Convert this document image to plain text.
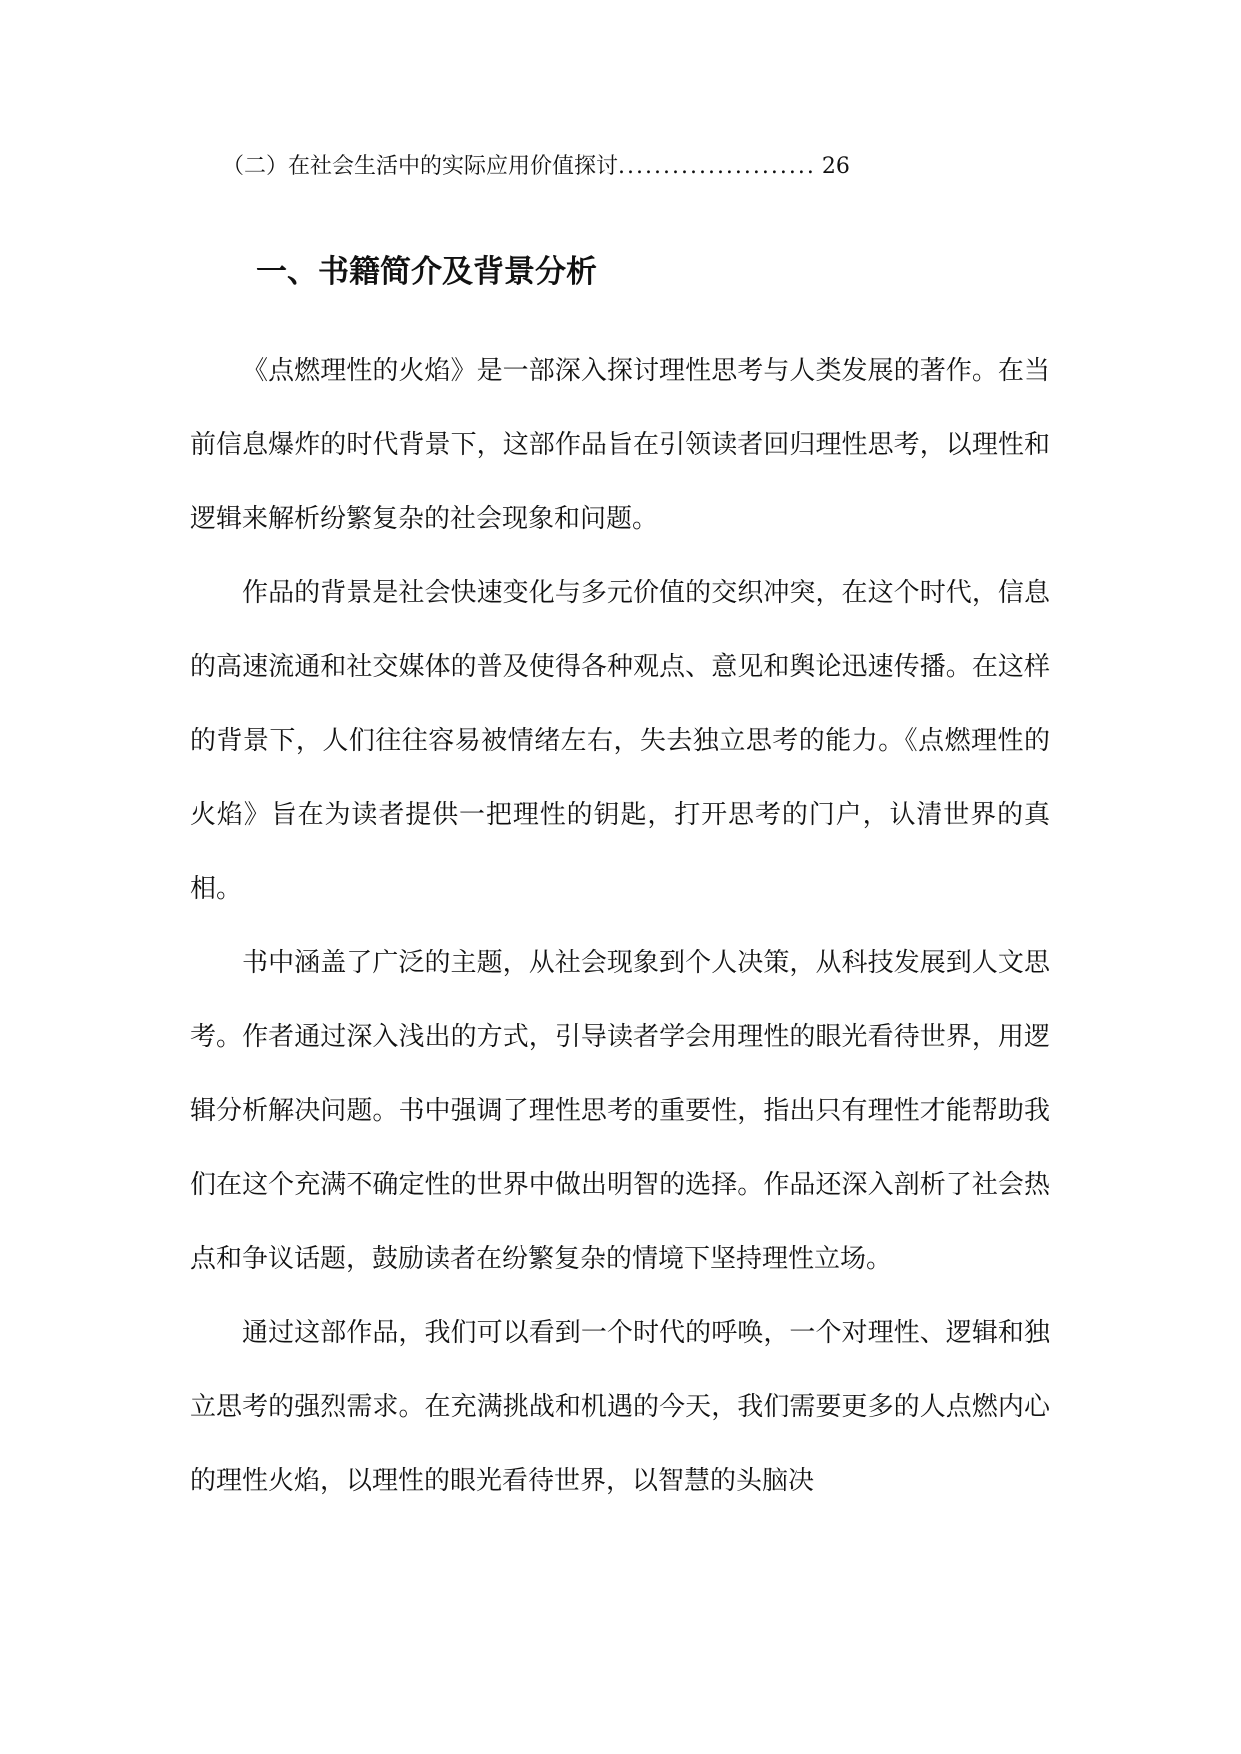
（二）在社会生活中的实际应用价值探讨...................... 26
一、书籍简介及背景分析

《点燃理性的火焰》是一部深入探讨理性思考与人类发展的著作。在当前信息爆炸的时代背景下，这部作品旨在引领读者回归理性思考，以理性和逻辑来解析纷繁复杂的社会现象和问题。

作品的背景是社会快速变化与多元价值的交织冲突，在这个时代，信息的高速流通和社交媒体的普及使得各种观点、意见和舆论迅速传播。在这样的背景下，人们往往容易被情绪左右，失去独立思考的能力。《点燃理性的火焰》旨在为读者提供一把理性的钥匙，打开思考的门户，认清世界的真相。

书中涵盖了广泛的主题，从社会现象到个人决策，从科技发展到人文思考。作者通过深入浅出的方式，引导读者学会用理性的眼光看待世界，用逻辑分析解决问题。书中强调了理性思考的重要性，指出只有理性才能帮助我们在这个充满不确定性的世界中做出明智的选择。作品还深入剖析了社会热点和争议话题，鼓励读者在纷繁复杂的情境下坚持理性立场。

通过这部作品，我们可以看到一个时代的呼唤，一个对理性、逻辑和独立思考的强烈需求。在充满挑战和机遇的今天，我们需要更多的人点燃内心的理性火焰，以理性的眼光看待世界，以智慧的头脑决
